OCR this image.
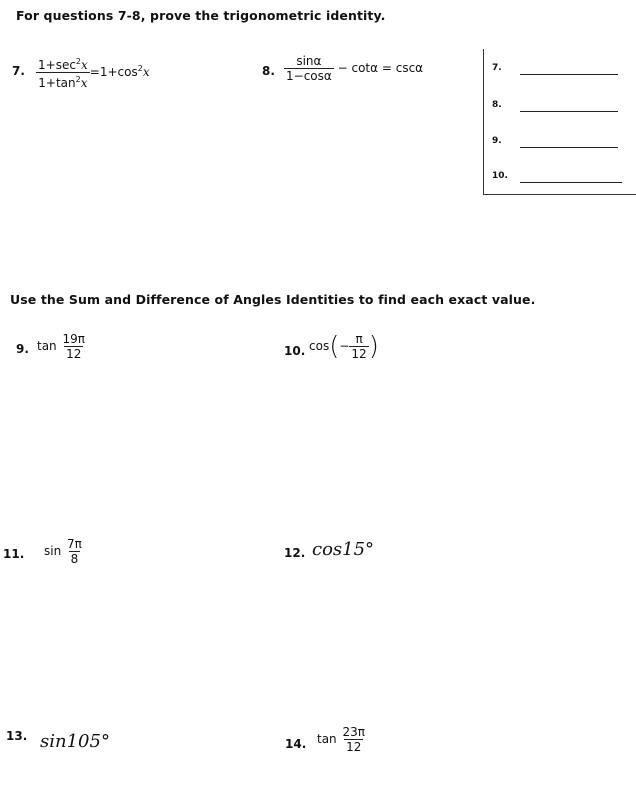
For questions 7-8, prove the trigonometric identity.
7. $\frac{1+\sec^2x}{1+\tan^2x} =1+\cos^2x$	8. $\frac{\sin\alpha}{1-\cos\alpha} - \cot\alpha = \csc\alpha$	7.
8.
9.
10.
Use the Sum and Difference of Angles Identities to find each exact value.
9. $\tan \frac{19\pi}{12}$	10. $\cos(- \frac{\pi}{12}$ )
11. $\sin \frac{7\pi}{8}$	12. cos15°
13. sin105°	14. $\tan \frac{23\pi}{12}$
